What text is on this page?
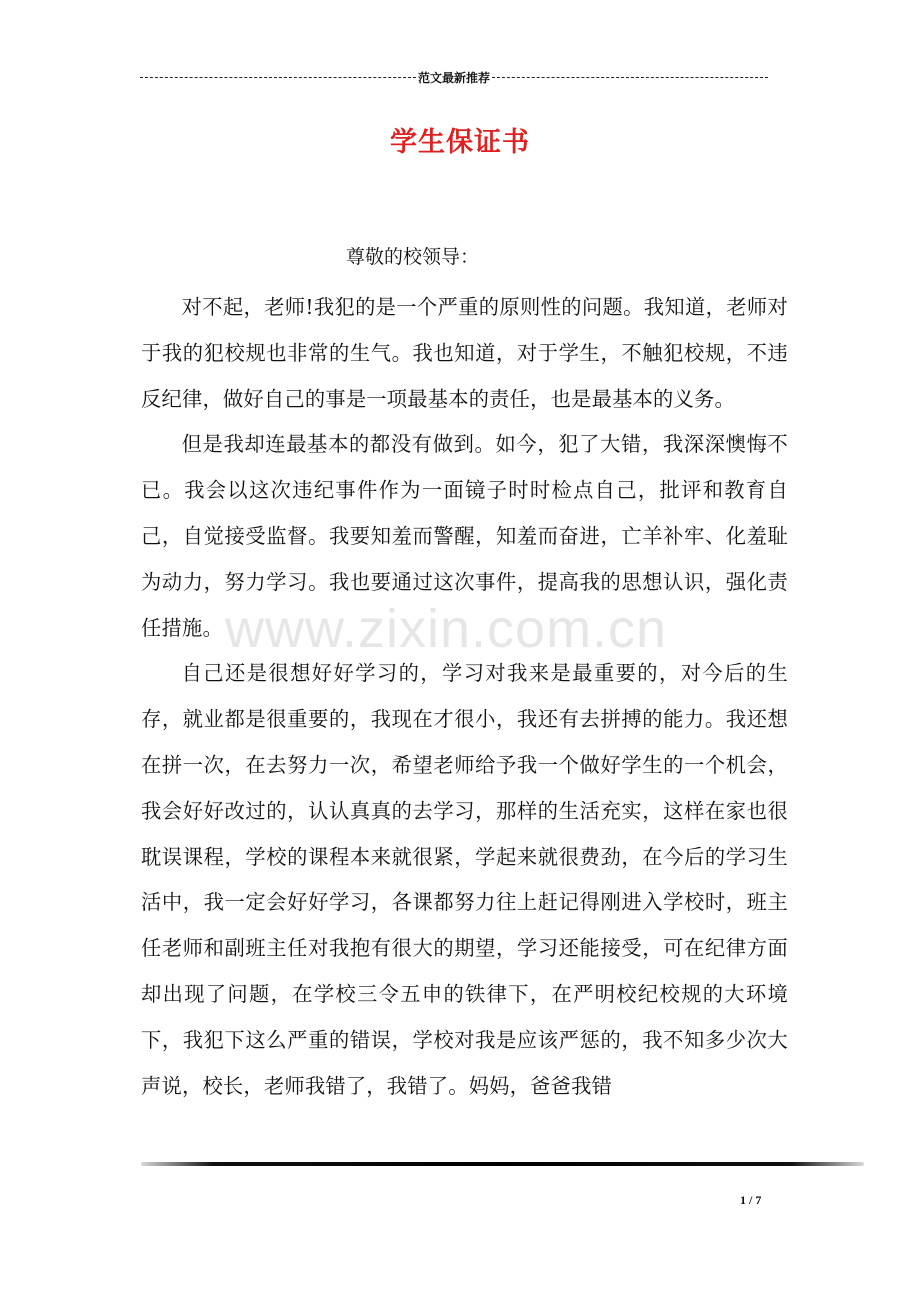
范文最新推荐
学生保证书
尊敬的校领导：

对不起，老师!我犯的是一个严重的原则性的问题。我知道，老师对于我的犯校规也非常的生气。我也知道，对于学生，不触犯校规，不违反纪律，做好自己的事是一项最基本的责任，也是最基本的义务。

但是我却连最基本的都没有做到。如今，犯了大错，我深深懊悔不已。我会以这次违纪事件作为一面镜子时时检点自己，批评和教育自己，自觉接受监督。我要知羞而警醒，知羞而奋进，亡羊补牢、化羞耻为动力，努力学习。我也要通过这次事件，提高我的思想认识，强化责任措施。

自己还是很想好好学习的，学习对我来是最重要的，对今后的生存，就业都是很重要的，我现在才很小，我还有去拼搏的能力。我还想在拼一次，在去努力一次，希望老师给予我一个做好学生的一个机会，我会好好改过的，认认真真的去学习，那样的生活充实，这样在家也很耽误课程，学校的课程本来就很紧，学起来就很费劲，在今后的学习生活中，我一定会好好学习，各课都努力往上赶记得刚进入学校时，班主任老师和副班主任对我抱有很大的期望，学习还能接受，可在纪律方面却出现了问题，在学校三令五申的铁律下，在严明校纪校规的大环境下，我犯下这么严重的错误，学校对我是应该严惩的，我不知多少次大声说，校长，老师我错了，我错了。妈妈，爸爸我错

www.zixin.com.cn
1 / 7
